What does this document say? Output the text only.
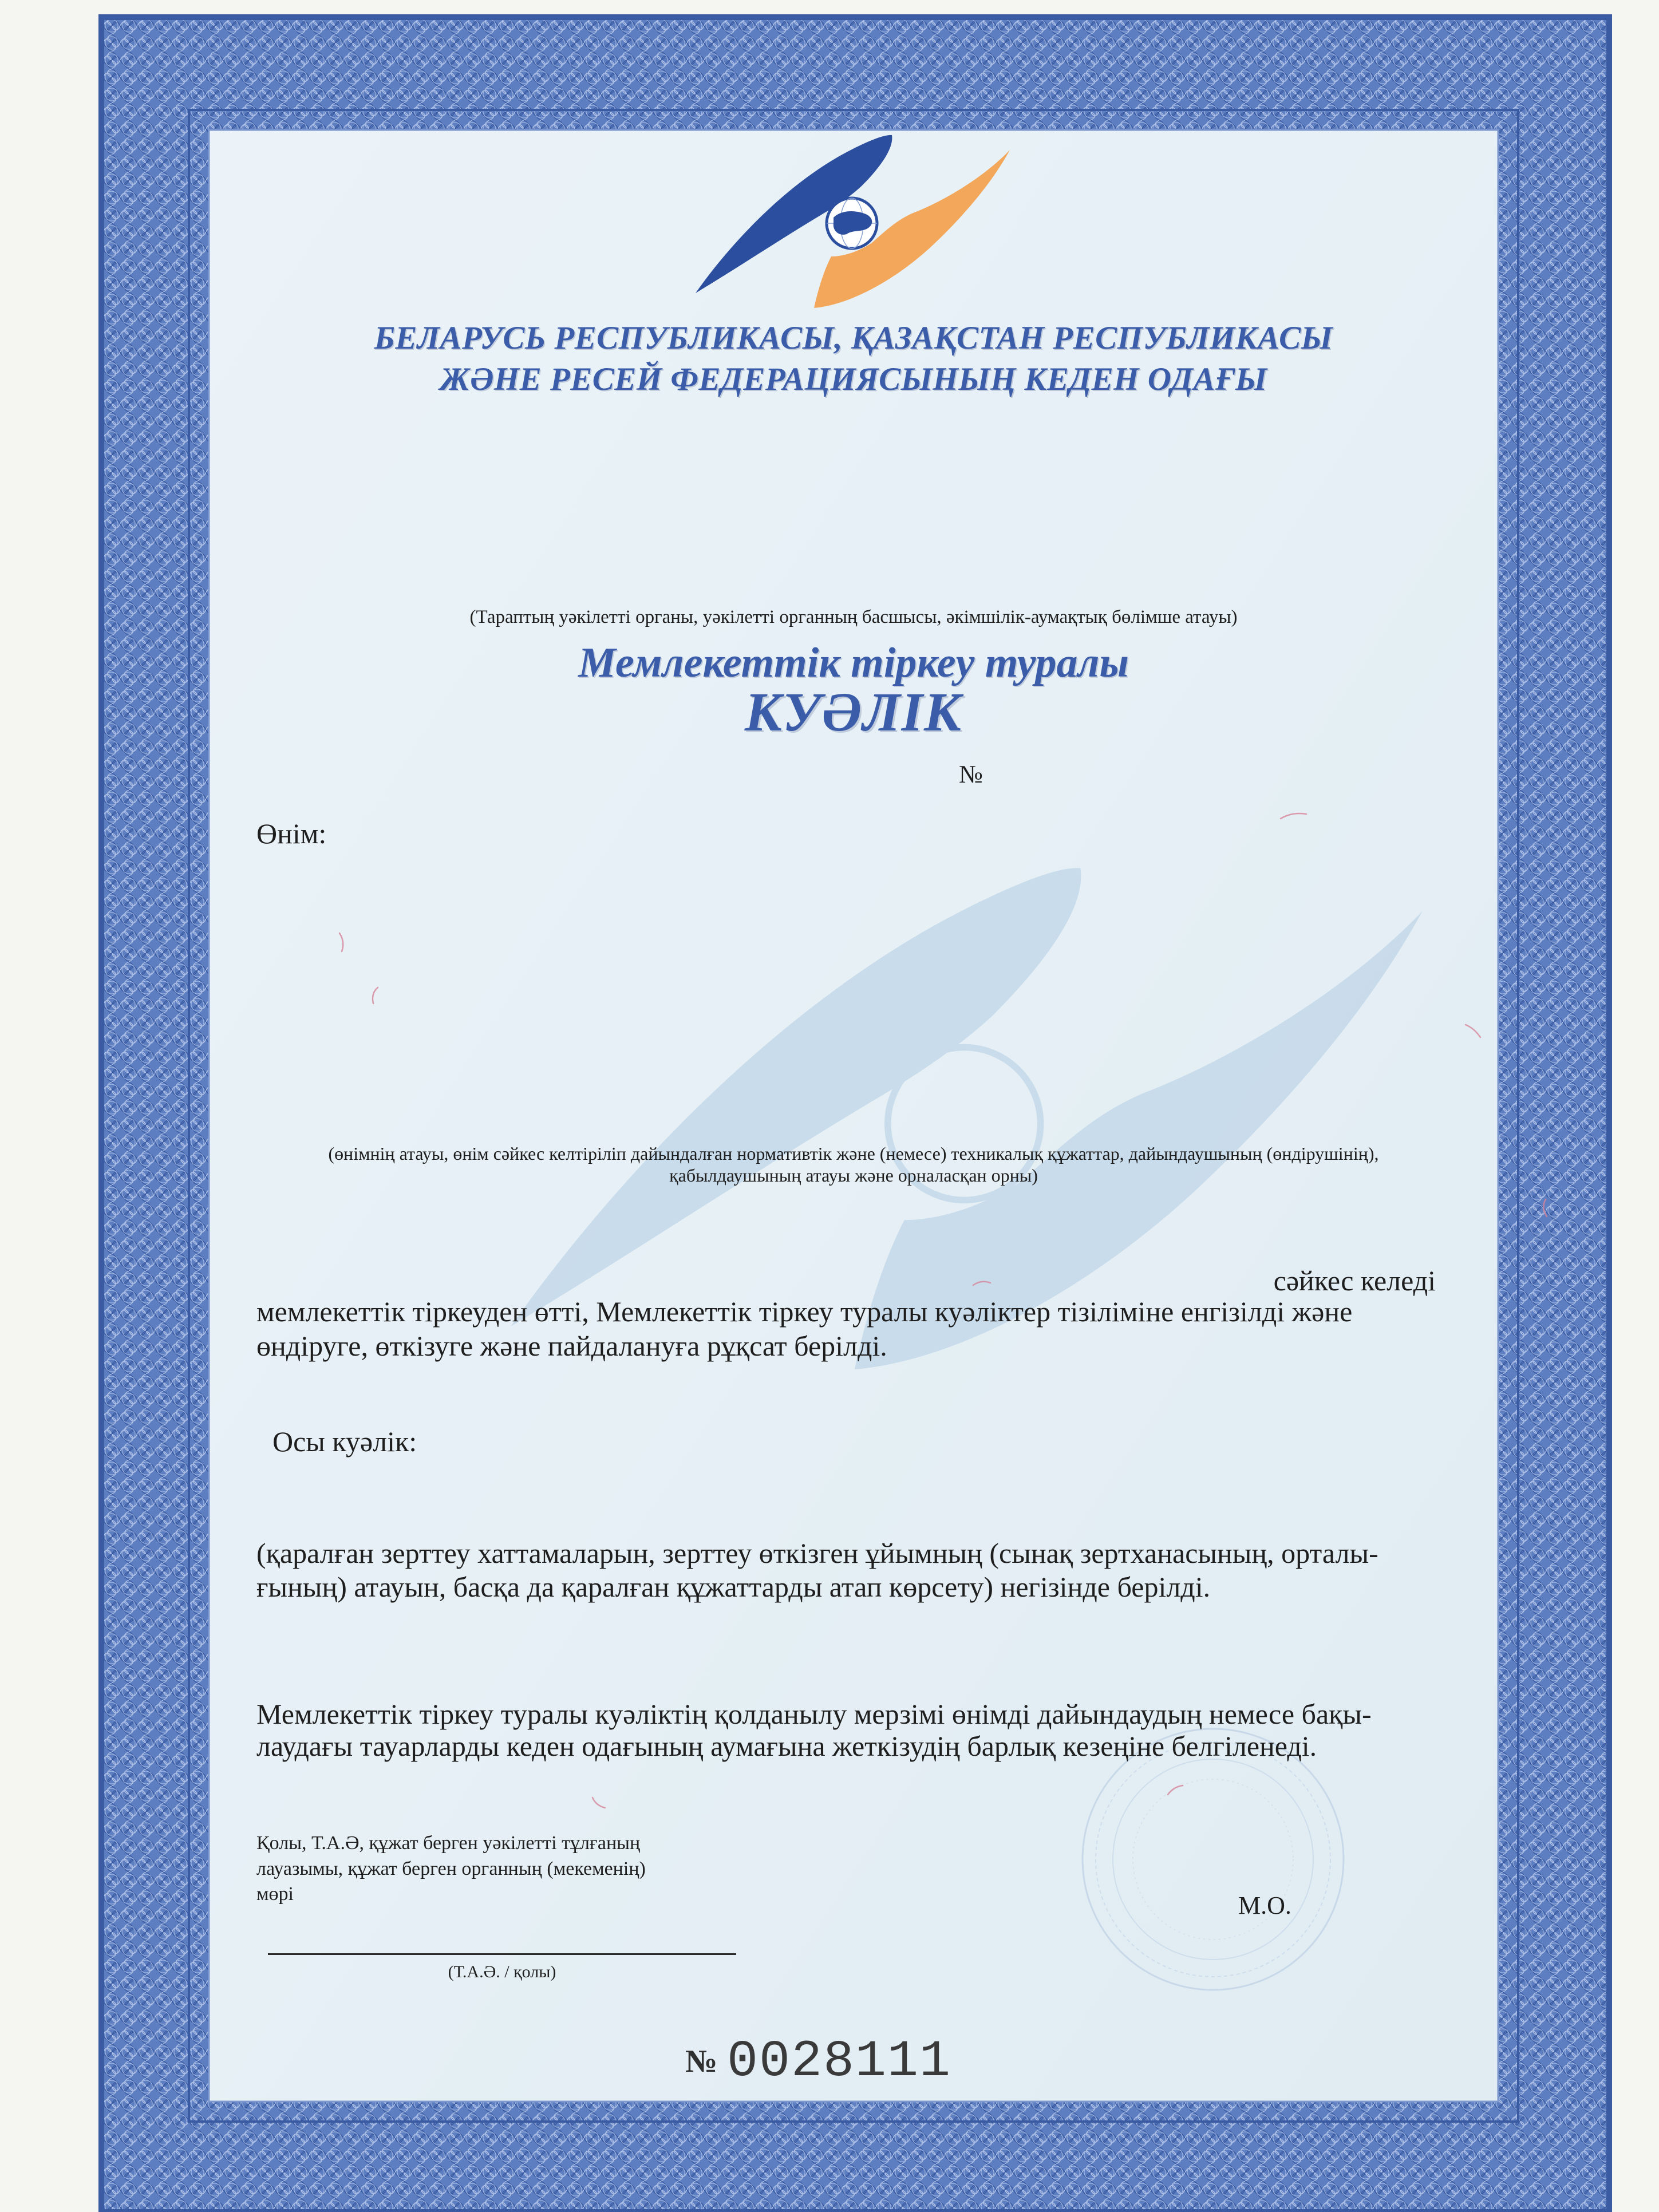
БЕЛАРУСЬ РЕСПУБЛИКАСЫ, ҚАЗАҚСТАН РЕСПУБЛИКАСЫ
ЖӘНЕ РЕСЕЙ ФЕДЕРАЦИЯСЫНЫҢ КЕДЕН ОДАҒЫ
(Тараптың уәкілетті органы, уәкілетті органның басшысы, әкімшілік-аумақтық бөлімше атауы)
Мемлекеттік тіркеу туралы
КУӘЛІК
№
Өнім:
(өнімнің атауы, өнім сәйкес келтіріліп дайындалған нормативтік және (немесе) техникалық құжаттар, дайындаушының (өндірушінің),
қабылдаушының атауы және орналасқан орны)
сәйкес келеді
мемлекеттік тіркеуден өтті, Мемлекеттік тіркеу туралы куәліктер тізіліміне енгізілді және
өндіруге, өткізуге және пайдалануға рұқсат берілді.
Осы куәлік:
(қаралған зерттеу хаттамаларын, зерттеу өткізген ұйымның (сынақ зертханасының, орталы-
ғының) атауын, басқа да қаралған құжаттарды атап көрсету) негізінде берілді.
Мемлекеттік тіркеу туралы куәліктің қолданылу мерзімі өнімді дайындаудың немесе бақы-
лаудағы тауарларды кеден одағының аумағына жеткізудің барлық кезеңіне белгіленеді.
Қолы, Т.А.Ә, құжат берген уәкілетті тұлғаның
лауазымы, құжат берген органның (мекеменің)
мөрі	М.О.
(Т.А.Ә. / қолы)
№ 0028111
